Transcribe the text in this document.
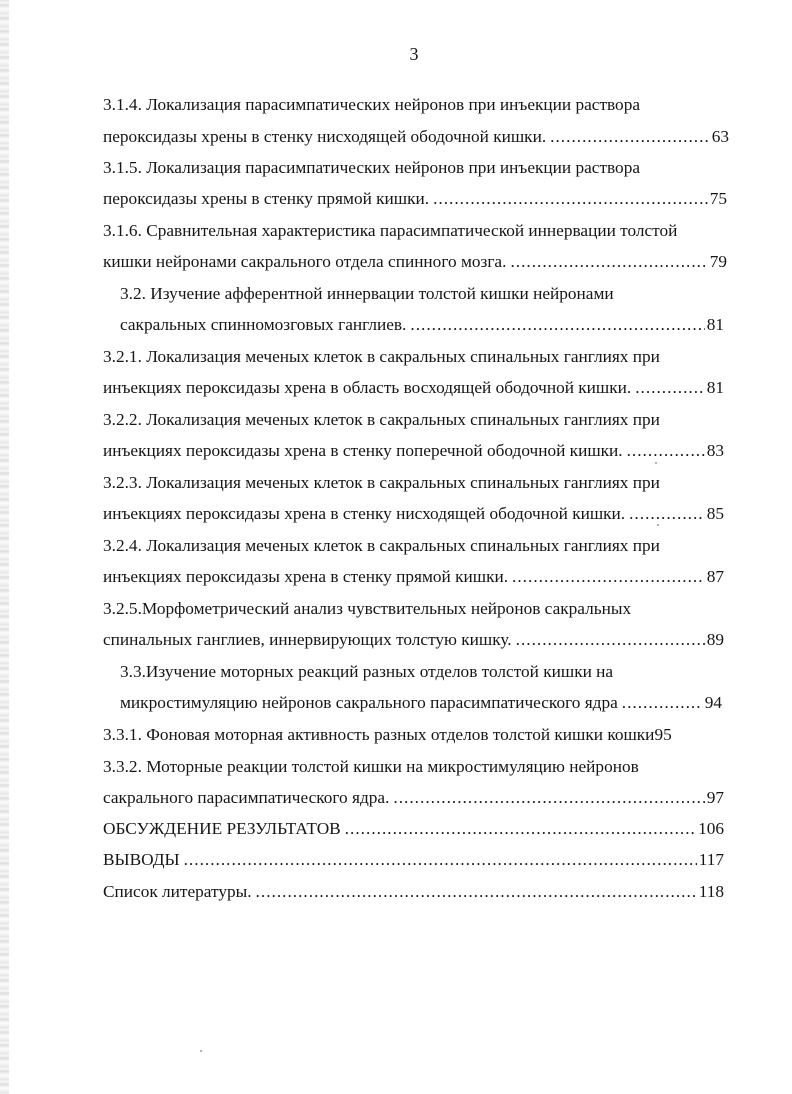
3
3.1.4. Локализация парасимпатических нейронов при инъекции раствора
пероксидазы хрены в стенку нисходящей ободочной кишки. .....	63
3.1.5. Локализация парасимпатических нейронов при инъекции раствора
пероксидазы хрены в стенку прямой кишки. .....	75
3.1.6. Сравнительная характеристика парасимпатической иннервации толстой
кишки нейронами сакрального отдела спинного мозга. .....	79
3.2. Изучение афферентной иннервации толстой кишки нейронами
сакральных спинномозговых ганглиев. .....	81
3.2.1. Локализация меченых клеток в сакральных спинальных ганглиях при
инъекциях пероксидазы хрена в область восходящей ободочной кишки. .....	81
3.2.2. Локализация меченых клеток в сакральных спинальных ганглиях при
инъекциях пероксидазы хрена в стенку поперечной ободочной кишки. .....	83
3.2.3. Локализация меченых клеток в сакральных спинальных ганглиях при
инъекциях пероксидазы хрена в стенку нисходящей ободочной кишки. .....	85
3.2.4. Локализация меченых клеток в сакральных спинальных ганглиях при
инъекциях пероксидазы хрена в стенку прямой кишки. .....	87
3.2.5.Морфометрический анализ чувствительных нейронов сакральных
спинальных ганглиев, иннервирующих толстую кишку. .....	89
3.3.Изучение моторных реакций разных отделов толстой кишки на
микростимуляцию нейронов сакрального парасимпатического ядра .....	94
3.3.1. Фоновая моторная активность разных отделов толстой кишки кошки 95
3.3.2. Моторные реакции толстой кишки на микростимуляцию нейронов
сакрального парасимпатического ядра. .....	97
ОБСУЖДЕНИЕ РЕЗУЛЬТАТОВ .....	106
ВЫВОДЫ .....	117
Список литературы. .....	118
